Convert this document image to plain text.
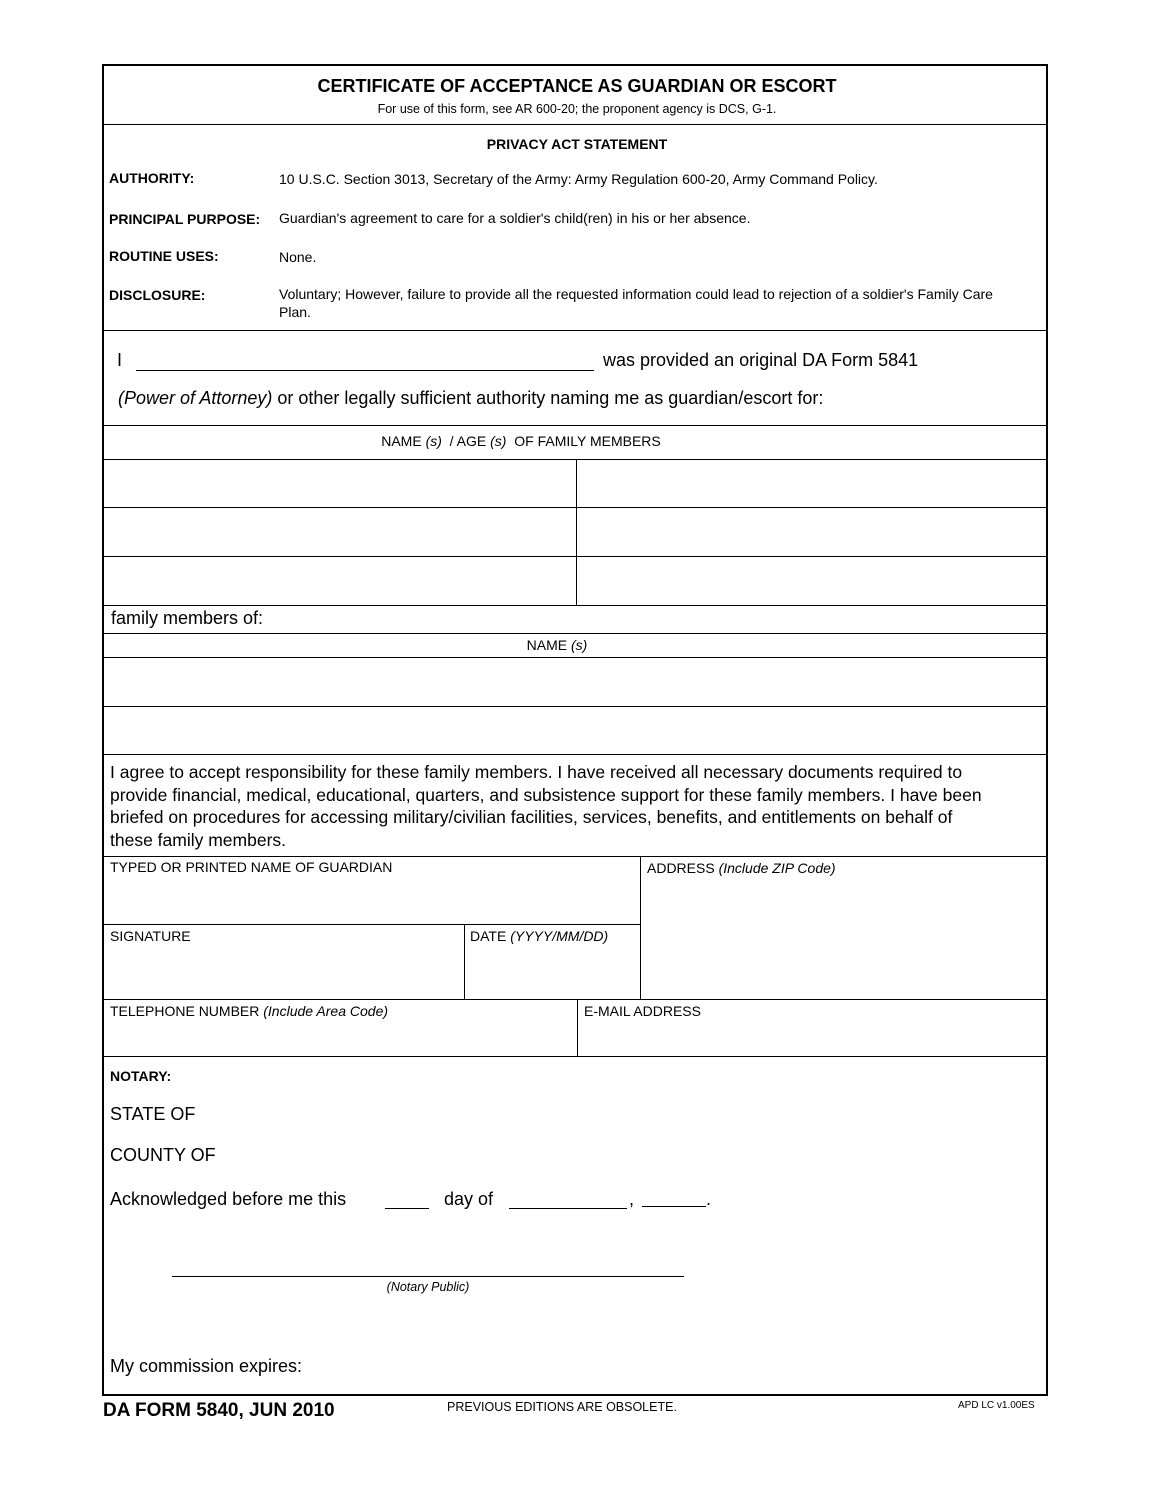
CERTIFICATE OF ACCEPTANCE AS GUARDIAN OR ESCORT
For use of this form, see AR 600-20; the proponent agency is DCS, G-1.
PRIVACY ACT STATEMENT
AUTHORITY:	10 U.S.C. Section 3013, Secretary of the Army: Army Regulation 600-20, Army Command Policy.
PRINCIPAL PURPOSE: Guardian's agreement to care for a soldier's child(ren) in his or her absence.
ROUTINE USES:	None.
DISCLOSURE:	Voluntary; However, failure to provide all the requested information could lead to rejection of a soldier's Family Care Plan.
I	was provided an original DA Form 5841
(Power of Attorney) or other legally sufficient authority naming me as guardian/escort for:
NAME (s)  / AGE (s)  OF FAMILY MEMBERS
family members of:
NAME (s)
I agree to accept responsibility for these family members. I have received all necessary documents required to provide financial, medical, educational, quarters, and subsistence support for these family members. I have been briefed on procedures for accessing military/civilian facilities, services, benefits, and entitlements on behalf of these family members.
TYPED OR PRINTED NAME OF GUARDIAN	ADDRESS (Include ZIP Code)
SIGNATURE	DATE (YYYY/MM/DD)
TELEPHONE NUMBER (Include Area Code)	E-MAIL ADDRESS
NOTARY:
STATE OF
COUNTY OF
Acknowledged before me this	day of	,	.
(Notary Public)
My commission expires:
DA FORM 5840, JUN 2010	PREVIOUS EDITIONS ARE OBSOLETE.	APD LC v1.00ES
